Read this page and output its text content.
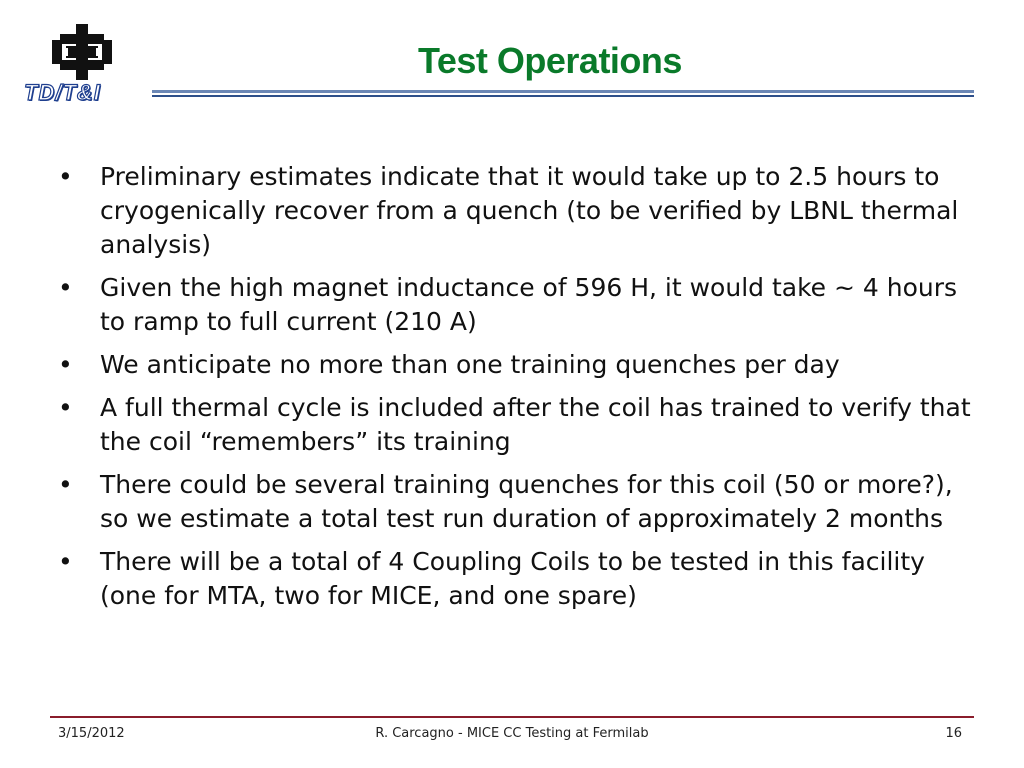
TD/T&I
Test Operations
• Preliminary estimates indicate that it would take up to 2.5 hours to cryogenically recover from a quench (to be verified by LBNL thermal analysis)
• Given the high magnet inductance of 596 H, it would take ~ 4 hours to ramp to full current (210 A)
• We anticipate no more than one training quenches per day
• A full thermal cycle is included after the coil has trained to verify that the coil “remembers” its training
• There could be several training quenches for this coil (50 or more?), so we estimate a total test run duration of approximately 2 months
• There will be a total of 4 Coupling Coils to be tested in this facility (one for MTA, two for MICE, and one spare)
3/15/2012	R. Carcagno - MICE CC Testing at Fermilab	16
